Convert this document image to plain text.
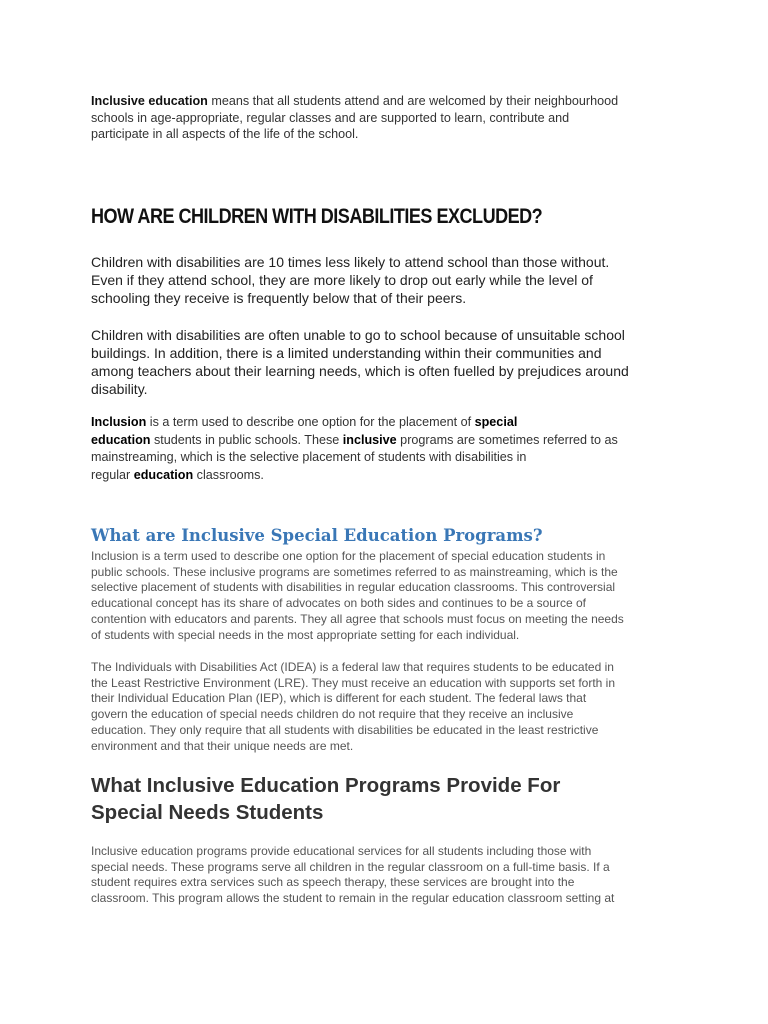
Inclusive education means that all students attend and are welcomed by their neighbourhood
schools in age-appropriate, regular classes and are supported to learn, contribute and
participate in all aspects of the life of the school.

HOW ARE CHILDREN WITH DISABILITIES EXCLUDED?

Children with disabilities are 10 times less likely to attend school than those without.
Even if they attend school, they are more likely to drop out early while the level of
schooling they receive is frequently below that of their peers.

Children with disabilities are often unable to go to school because of unsuitable school
buildings. In addition, there is a limited understanding within their communities and
among teachers about their learning needs, which is often fuelled by prejudices around
disability.

Inclusion is a term used to describe one option for the placement of special
education students in public schools. These inclusive programs are sometimes referred to as
mainstreaming, which is the selective placement of students with disabilities in
regular education classrooms.

What are Inclusive Special Education Programs?

Inclusion is a term used to describe one option for the placement of special education students in
public schools. These inclusive programs are sometimes referred to as mainstreaming, which is the
selective placement of students with disabilities in regular education classrooms. This controversial
educational concept has its share of advocates on both sides and continues to be a source of
contention with educators and parents. They all agree that schools must focus on meeting the needs
of students with special needs in the most appropriate setting for each individual.

The Individuals with Disabilities Act (IDEA) is a federal law that requires students to be educated in
the Least Restrictive Environment (LRE). They must receive an education with supports set forth in
their Individual Education Plan (IEP), which is different for each student. The federal laws that
govern the education of special needs children do not require that they receive an inclusive
education. They only require that all students with disabilities be educated in the least restrictive
environment and that their unique needs are met.

What Inclusive Education Programs Provide For
Special Needs Students

Inclusive education programs provide educational services for all students including those with
special needs. These programs serve all children in the regular classroom on a full-time basis. If a
student requires extra services such as speech therapy, these services are brought into the
classroom. This program allows the student to remain in the regular education classroom setting at
